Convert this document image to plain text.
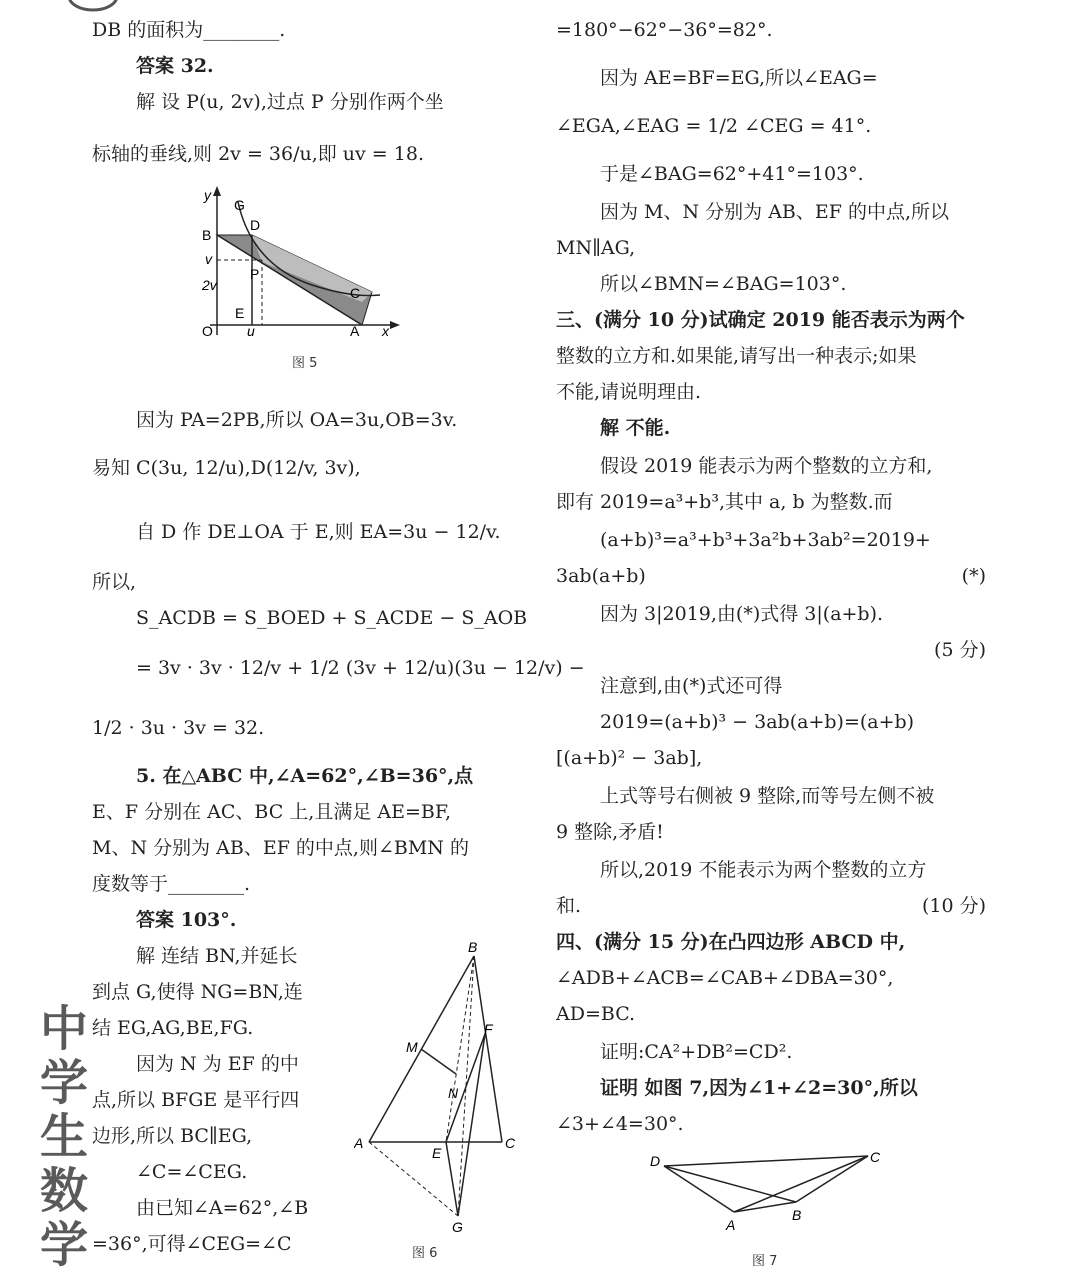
DB 的面积为________.
答案 32.
解 设 P(u, 2v),过点 P 分别作两个坐
标轴的垂线,则 2v = 36/u,即 uv = 18.
y
G
D
B
v
P
2v	C
E
O u	A x
图 5
因为 PA=2PB,所以 OA=3u,OB=3v.
易知 C(3u, 12/u),D(12/v, 3v),
自 D 作 DE⊥OA 于 E,则 EA=3u − 12/v.
所以,
S_ACDB = S_BOED + S_ACDE − S_AOB
= 3v · 3v · 12/v + 1/2 (3v + 12/u)(3u − 12/v) −
1/2 · 3u · 3v = 32.
5. 在△ABC 中,∠A=62°,∠B=36°,点
E、F 分别在 AC、BC 上,且满足 AE=BF,
M、N 分别为 AB、EF 的中点,则∠BMN 的
度数等于________.
答案 103°.
解 连结 BN,并延长
到点 G,使得 NG=BN,连
结 EG,AG,BE,FG.
因为 N 为 EF 的中
点,所以 BFGE 是平行四
边形,所以 BC∥EG,
∠C=∠CEG.
由已知∠A=62°,∠B
=36°,可得∠CEG=∠C
B
M
F
N
A
E
C
G
图 6
中
学
生
数
学
=180°−62°−36°=82°.
因为 AE=BF=EG,所以∠EAG=
∠EGA,∠EAG = 1/2 ∠CEG = 41°.
于是∠BAG=62°+41°=103°.
因为 M、N 分别为 AB、EF 的中点,所以
MN∥AG,
所以∠BMN=∠BAG=103°.
三、(满分 10 分)试确定 2019 能否表示为两个
整数的立方和.如果能,请写出一种表示;如果
不能,请说明理由.
解 不能.
假设 2019 能表示为两个整数的立方和,
即有 2019=a³+b³,其中 a, b 为整数.而
(a+b)³=a³+b³+3a²b+3ab²=2019+
3ab(a+b)	(*)
因为 3|2019,由(*)式得 3|(a+b).
(5 分)
注意到,由(*)式还可得
2019=(a+b)³ − 3ab(a+b)=(a+b)
[(a+b)² − 3ab],
上式等号右侧被 9 整除,而等号左侧不被
9 整除,矛盾!
所以,2019 不能表示为两个整数的立方
和.	(10 分)
四、(满分 15 分)在凸四边形 ABCD 中,
∠ADB+∠ACB=∠CAB+∠DBA=30°,
AD=BC.
证明:CA²+DB²=CD².
证明 如图 7,因为∠1+∠2=30°,所以
∠3+∠4=30°.
D	C
A
B
图 7
